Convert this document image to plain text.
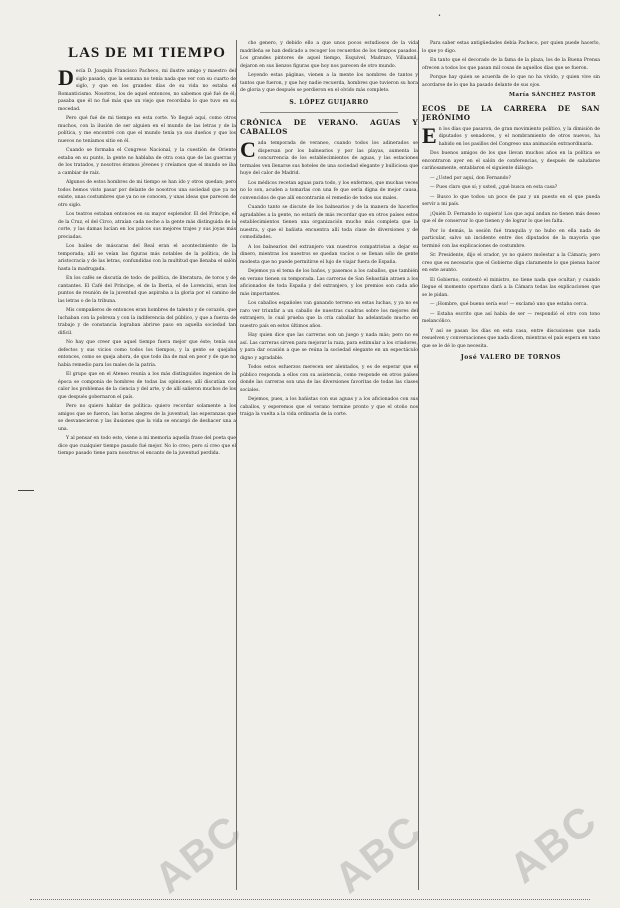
•
LAS DE MI TIEMPO

Decía D. Joaquín Francisco Pacheco, mi ilustre amigo y maestro del siglo pasado, que la semana no tenía nada que ver con su cuarto de siglo, y que en los grandes días de su vida no estaba el Romanticismo. Nosotros, los de aquel entonces, no sabemos qué fué de él; pasaba que él no fué más que un viejo que recordaba lo que tuvo en su mocedad.

Pero qué fué de mi tiempo en esta corte. Yo llegué aquí, como otros muchos, con la ilusión de ser alguien en el mundo de las letras y de la política, y me encontré con que el mundo tenía ya sus dueños y que los nuevos no teníamos sitio en él.

Cuando se formaba el Congreso Nacional, y la cuestión de Oriente estaba en su punto, la gente no hablaba de otra cosa que de las guerras y de los tratados, y nosotros éramos jóvenes y creíamos que el mundo se iba a cambiar de raíz.

Algunos de estos hombres de mi tiempo se han ido y otros quedan; pero todos hemos visto pasar por delante de nosotros una sociedad que ya no existe, unas costumbres que ya no se conocen, y unas ideas que parecen de otro siglo.

Los teatros estaban entonces en su mayor esplendor. El del Príncipe, el de la Cruz, el del Circo, atraían cada noche a la gente más distinguida de la corte, y las damas lucían en los palcos sus mejores trajes y sus joyas más preciadas.

Los bailes de máscaras del Real eran el acontecimiento de la temporada; allí se veían las figuras más notables de la política, de la aristocracia y de las letras, confundidas con la multitud que llenaba el salón hasta la madrugada.

En los cafés se discutía de todo: de política, de literatura, de toros y de cantantes. El Café del Príncipe, el de la Iberia, el de Lorencini, eran los puntos de reunión de la juventud que aspiraba a la gloria por el camino de las letras o de la tribuna.

Mis compañeros de entonces eran hombres de talento y de corazón, que luchaban con la pobreza y con la indiferencia del público, y que a fuerza de trabajo y de constancia lograban abrirse paso en aquella sociedad tan difícil.

No hay que creer que aquel tiempo fuera mejor que éste; tenía sus defectos y sus vicios como todos los tiempos, y la gente se quejaba entonces, como se queja ahora, de que todo iba de mal en peor y de que no había remedio para los males de la patria.

El grupo que en el Ateneo reunía a los más distinguidos ingenios de la época se componía de hombres de todas las opiniones; allí discutían con calor los problemas de la ciencia y del arte, y de allí salieron muchos de los que después gobernaron el país.

Pero no quiero hablar de política: quiero recordar solamente a los amigos que se fueron, las horas alegres de la juventud, las esperanzas que se desvanecieron y las ilusiones que la vida se encargó de deshacer una a una.

Y al pensar en todo esto, viene a mi memoria aquella frase del poeta que dice que cualquier tiempo pasado fué mejor. No lo creo; pero sí creo que el tiempo pasado tiene para nosotros el encanto de la juventud perdida.

cho genero, y debido ello a que unos pocos estudiosos de la vida madrileña se han dedicado a recoger los recuerdos de los tiempos pasados. Los grandes pintores de aquel tiempo, Esquivel, Madrazo, Villaamil, dejaron en sus lienzos figuras que hoy nos parecen de otro mundo.

Leyendo estas páginas, vienen a la mente los nombres de tantos y tantos que fueron, y que hoy nadie recuerda, hombres que tuvieron su hora de gloria y que después se perdieron en el olvido más completo.

S. LÓPEZ GUIJARRO
CRÓNICA DE VERANO. AGUAS Y CABALLOS

Cada temporada de veraneo, cuando todos los adinerados se dispersan por los balnearios y por las playas, aumenta la concurrencia de los establecimientos de aguas, y las estaciones termales ven llenarse sus hoteles de una sociedad elegante y bulliciosa que huye del calor de Madrid.

Los médicos recetan aguas para todo, y los enfermos, que muchas veces no lo son, acuden a tomarlas con una fe que sería digna de mejor causa, convencidos de que allí encontrarán el remedio de todos sus males.

Cuando tanto se discute de los balnearios y de la manera de hacerlos agradables a la gente, no estará de más recordar que en otros países estos establecimientos tienen una organización mucho más completa que la nuestra, y que el bañista encuentra allí toda clase de diversiones y de comodidades.

A los balnearios del extranjero van nuestros compatriotas a dejar su dinero, mientras los nuestros se quedan vacíos o se llenan sólo de gente modesta que no puede permitirse el lujo de viajar fuera de España.

Dejemos ya el tema de los baños, y pasemos a los caballos, que también en verano tienen su temporada. Las carreras de San Sebastián atraen a los aficionados de toda España y del extranjero, y los premios son cada año más importantes.

Los caballos españoles van ganando terreno en estas luchas, y ya no es raro ver triunfar a un caballo de nuestras cuadras sobre los mejores del extranjero, lo cual prueba que la cría caballar ha adelantado mucho en nuestro país en estos últimos años.

Hay quien dice que las carreras son un juego y nada más; pero no es así. Las carreras sirven para mejorar la raza, para estimular a los criadores, y para dar ocasión a que se reúna la sociedad elegante en un espectáculo digno y agradable.

Todos estos esfuerzos merecen ser alentados, y es de esperar que el público responda a ellos con su asistencia, como responde en otros países donde las carreras son una de las diversiones favoritas de todas las clases sociales.

Dejemos, pues, a los bañistas con sus aguas y a los aficionados con sus caballos, y esperemos que el verano termine pronto y que el otoño nos traiga la vuelta a la vida ordinaria de la corte.

Para saber estas antigüedades debía Pacheco, por quien puede hacerlo, lo que yo digo.

En tanto que el decorado de la fama de la plaza, los de la Buena Prensa ofrecen a todos los que pasan mil cosas de aquellos días que se fueron.

Porque hay quien se acuerda de lo que no ha vivido, y quien vive sin acordarse de lo que ha pasado delante de sus ojos.

María SÁNCHEZ PASTOR
ECOS DE LA CARRERA DE SAN JERÓNIMO

En los días que pasaron, de gran movimiento político, y la dimisión de diputados y senadores, y el nombramiento de otros nuevos, ha habido en los pasillos del Congreso una animación extraordinaria.

Dos buenos amigos de los que llevan muchos años en la política se encontraron ayer en el salón de conferencias, y después de saludarse cariñosamente, entablaron el siguiente diálogo:

— ¿Usted por aquí, don Fernando?

— Pues claro que sí; y usted, ¿qué busca en esta casa?

— Busco lo que todos: un poco de paz y un puesto en el que pueda servir a mi país.

¡Quién D. Fernando lo supiera! Los que aquí andan no tienen más deseo que el de conservar lo que tienen y de lograr lo que les falta.

Por lo demás, la sesión fué tranquila y no hubo en ella nada de particular, salvo un incidente entre dos diputados de la mayoría que terminó con las explicaciones de costumbre.

Sr. Presidente, dijo el orador, yo no quiero molestar a la Cámara; pero creo que es necesario que el Gobierno diga claramente lo que piensa hacer en este asunto.

El Gobierno, contestó el ministro, no tiene nada que ocultar; y cuando llegue el momento oportuno dará a la Cámara todas las explicaciones que se le pidan.

— ¡Hombre, qué bueno sería eso! — exclamó uno que estaba cerca.

— Estaba escrito que así había de ser — respondió el otro con tono melancólico.

Y así se pasan los días en esta casa, entre discusiones que nada resuelven y conversaciones que nada dicen, mientras el país espera en vano que se le dé lo que necesita.

José VALERO DE TORNOS
ABC ABC ABC
